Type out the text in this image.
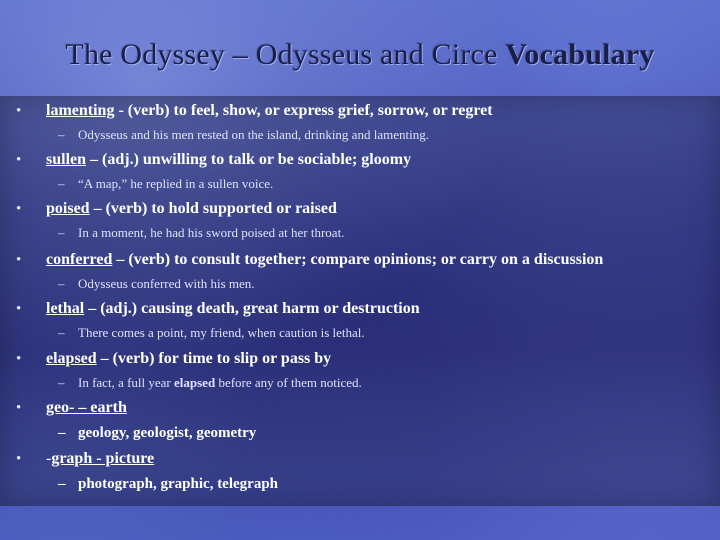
The Odyssey – Odysseus and Circe Vocabulary
• lamenting - (verb) to feel, show, or express grief, sorrow, or regret
– Odysseus and his men rested on the island, drinking and lamenting.
• sullen – (adj.) unwilling to talk or be sociable; gloomy
– “A map,” he replied in a sullen voice.
• poised – (verb) to hold supported or raised
– In a moment, he had his sword poised at her throat.
• conferred – (verb) to consult together; compare opinions; or carry on a discussion
– Odysseus conferred with his men.
• lethal – (adj.) causing death, great harm or destruction
– There comes a point, my friend, when caution is lethal.
• elapsed – (verb) for time to slip or pass by
– In fact, a full year elapsed before any of them noticed.
• geo- – earth
– geology, geologist, geometry
• -graph - picture
– photograph, graphic, telegraph
